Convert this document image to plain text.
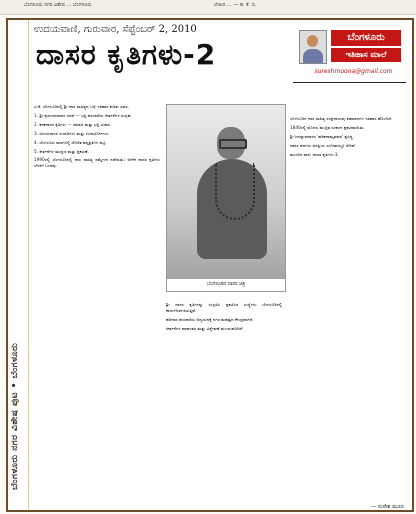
ಬೆಂಗಳೂರು ನಗರ ವಿಶೇಷ ... ಬೆಂಗಳೂರು	ಲೇಖನ ... — ಡಿ. ಕೆ. ಬಿ.
ಬೆಂಗಳೂರು ನಗರ ವಿಶೇಷ ಪುಟ • ಬೆಂಗಳೂರು
ಉದಯವಾಣಿ, ಗುರುವಾರ, ಸೆಪ್ಟೆಂಬರ್ 2, 2010
ದಾಸರ ಕೃತಿಗಳು-2
ಬೆಂಗಳೂರು
ಇತಿಹಾಸ ಮಾಲೆ
sureshmoona@gmail.com

ಟಿ.ಕೆ. ಬೆಂಗಳೂರಿನಲ್ಲಿ ಶ್ರೀ ದಾಸ ಸಾಹಿತ್ಯದ ಬಗ್ಗೆ ಇತಿಹಾಸ ಕುರಿತು ವಿವರ.

1. ಶ್ರೀ ಪುರಂದರದಾಸರ ರಚನೆ — ಭಕ್ತಿ ಪರಂಪರೆಯ ಕೀರ್ತನೆಗಳ ಸಂಗ್ರಹ.

2. ಕನಕದಾಸರ ಕೃತಿಗಳು — ಸಮಾಜ ಮತ್ತು ಭಕ್ತಿ ವಿಚಾರ.

3. ವಿಜಯದಾಸರ ಸುಳಾದಿಗಳು ಮತ್ತು ಉಗಾಭೋಗಗಳು.

4. ಬೆಂಗಳೂರು ಮಠಗಳಲ್ಲಿ ದೊರೆತ ಹಸ್ತಪ್ರತಿಗಳ ಪಟ್ಟಿ.

5. ಕೀರ್ತನೆಗಳ ಮುದ್ರಣ ಮತ್ತು ಪ್ರಕಟಣೆ.

1990ರಲ್ಲಿ ಬೆಂಗಳೂರಿನಲ್ಲಿ ದಾಸ ಸಾಹಿತ್ಯ ಸಮ್ಮೇಳನ ನಡೆಯಿತು; ಅನೇಕ ದಾಸರ ಕೃತಿಗಳು ಬೆಳಕಿಗೆ ಬಂದವು.

ಬೆಂಗಳೂರಿನ ದಾಸರ ಚಿತ್ರ

ಶ್ರೀ ದಾಸರ ಕೃತಿಗಳನ್ನು ಸಂಗ್ರಹಿಸಿ ಪ್ರಕಟಿಸಿದ ಸಂಸ್ಥೆಗಳು ಬೆಂಗಳೂರಿನಲ್ಲಿ ಕಾರ್ಯನಿರ್ವಹಿಸುತ್ತಿವೆ.

ಹರಿದಾಸ ಪರಂಪರೆಯ ಅಧ್ಯಯನಕ್ಕೆ ನಗರ ಮಹತ್ವದ ಕೇಂದ್ರವಾಗಿದೆ.

ಕೀರ್ತನೆಗಳ ಪಾಠಾಂತರ ಮತ್ತು ವಿಶ್ಲೇಷಣೆ ಮುಂದುವರಿದಿದೆ.

ಬೆಂಗಳೂರಿನ ದಾಸ ಸಾಹಿತ್ಯ ಸಂಪ್ರದಾಯವು ಶತಮಾನಗಳ ಇತಿಹಾಸ ಹೊಂದಿದೆ.

1840ರಲ್ಲಿ ಮೊದಲ ಮುದ್ರಿತ ಸಂಕಲನ ಪ್ರಕಟವಾಯಿತು.

ಶ್ರೀ ಜಗನ್ನಾಥದಾಸರ 'ಹರಿಕಥಾಮೃತಸಾರ' ಪ್ರಸಿದ್ಧ.

ದಾಸರ ಪದಗಳು ಜನಪ್ರಿಯ ಸಂಗೀತದಲ್ಲೂ ಸೇರಿವೆ.

ಮುಂದಿನ ವಾರ: ದಾಸರ ಕೃತಿಗಳು-3.

— ಸುರೇಶ ಮೂನ
